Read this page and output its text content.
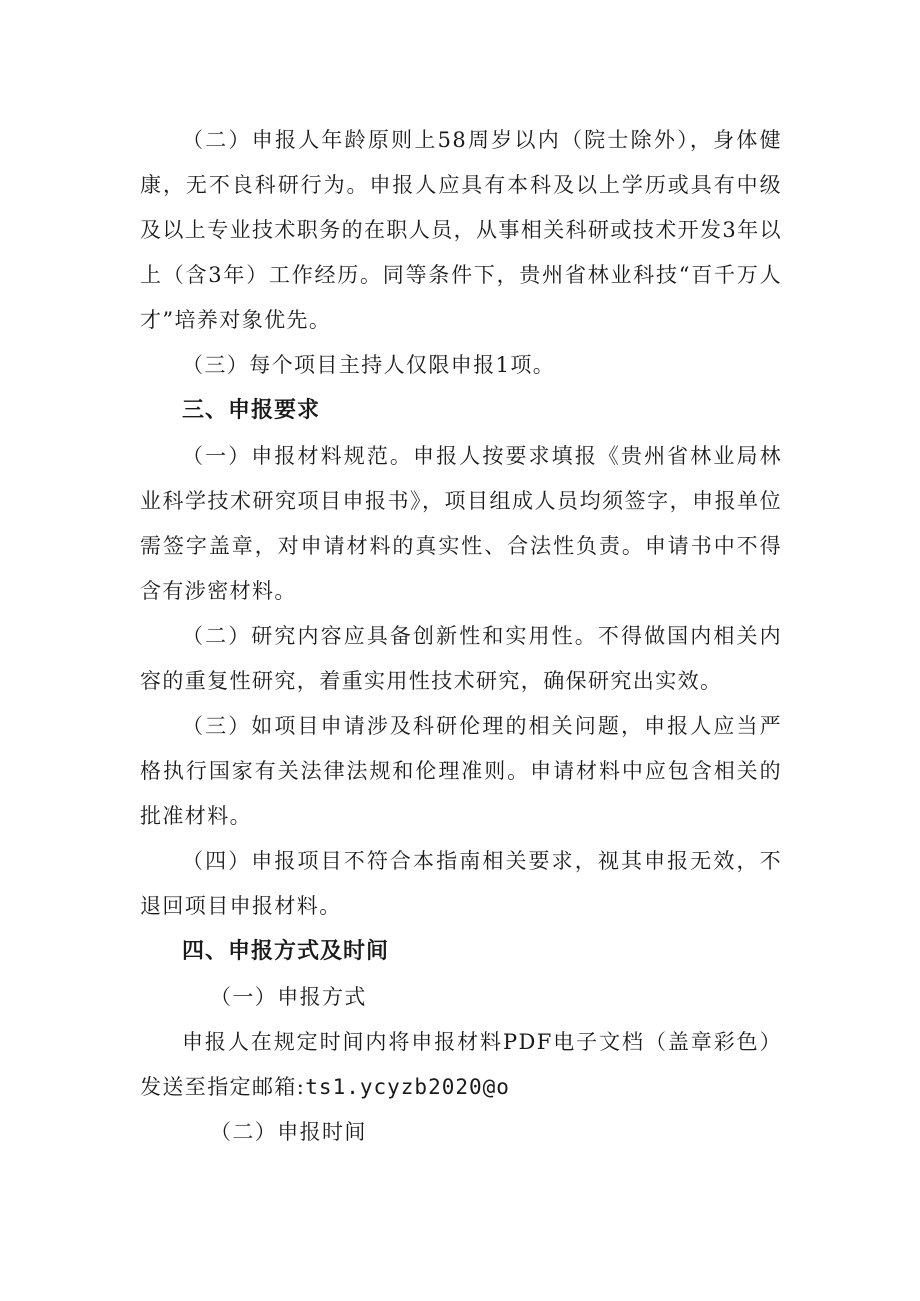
（二）申报人年龄原则上58周岁以内（院士除外），身体健康，无不良科研行为。申报人应具有本科及以上学历或具有中级及以上专业技术职务的在职人员，从事相关科研或技术开发3年以上（含3年）工作经历。同等条件下，贵州省林业科技“百千万人才”培养对象优先。

（三）每个项目主持人仅限申报1项。

三、申报要求

（一）申报材料规范。申报人按要求填报《贵州省林业局林业科学技术研究项目申报书》，项目组成人员均须签字，申报单位需签字盖章，对申请材料的真实性、合法性负责。申请书中不得含有涉密材料。

（二）研究内容应具备创新性和实用性。不得做国内相关内容的重复性研究，着重实用性技术研究，确保研究出实效。

（三）如项目申请涉及科研伦理的相关问题，申报人应当严格执行国家有关法律法规和伦理准则。申请材料中应包含相关的批准材料。

（四）申报项目不符合本指南相关要求，视其申报无效，不退回项目申报材料。

四、申报方式及时间

（一）申报方式

申报人在规定时间内将申报材料PDF电子文档（盖章彩色）发送至指定邮箱:ts1.ycyzb2020@o

（二）申报时间
